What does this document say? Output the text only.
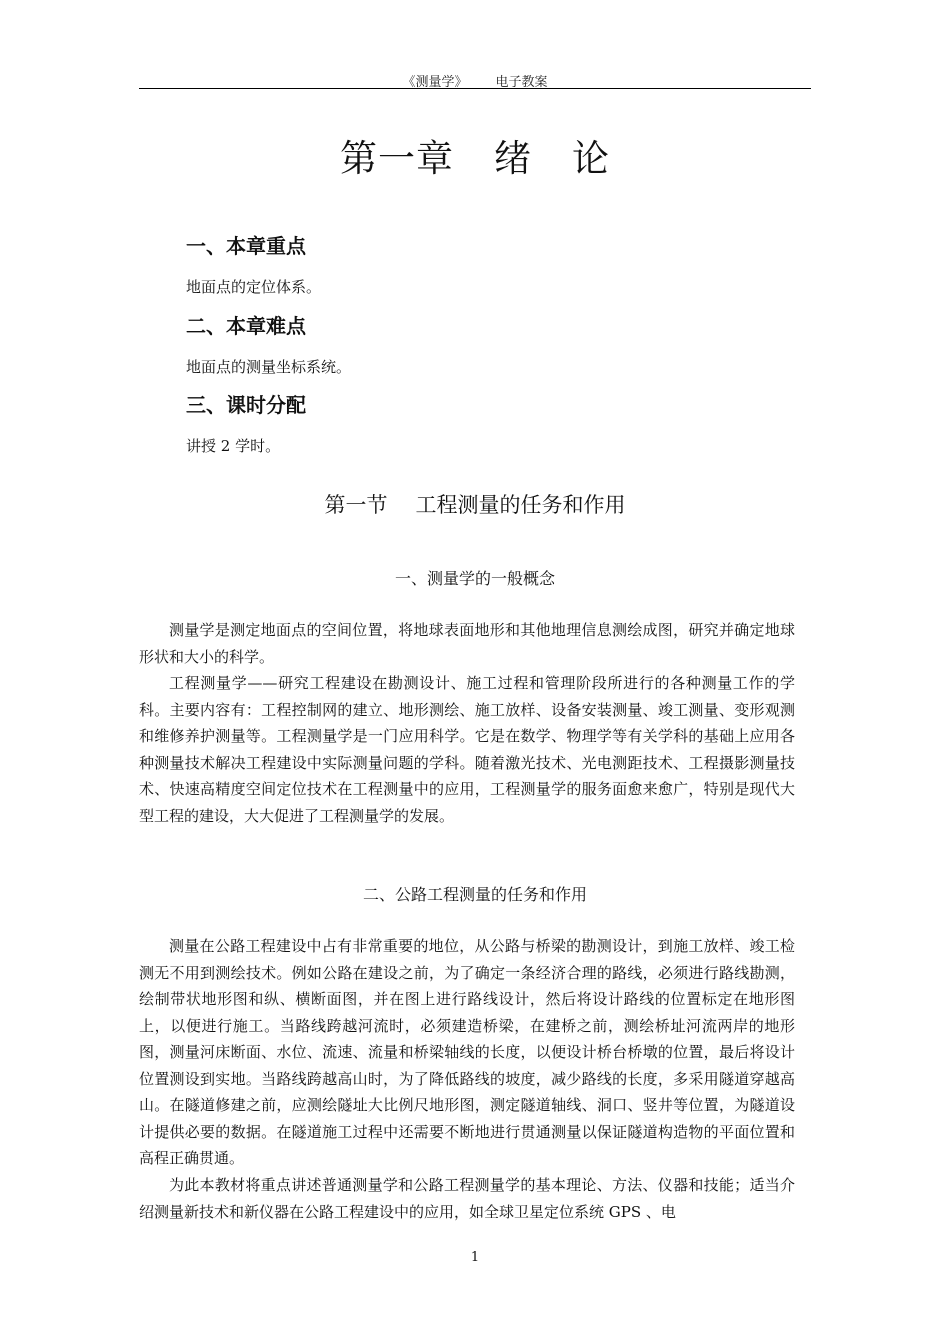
《测量学》 电子教案
第一章 绪 论
一、本章重点
地面点的定位体系。
二、本章难点
地面点的测量坐标系统。
三、课时分配
讲授 2 学时。
第一节 工程测量的任务和作用
一、测量学的一般概念

测量学是测定地面点的空间位置，将地球表面地形和其他地理信息测绘成图，研究并确定地球形状和大小的科学。

工程测量学——研究工程建设在勘测设计、施工过程和管理阶段所进行的各种测量工作的学科。主要内容有：工程控制网的建立、地形测绘、施工放样、设备安装测量、竣工测量、变形观测和维修养护测量等。工程测量学是一门应用科学。它是在数学、物理学等有关学科的基础上应用各种测量技术解决工程建设中实际测量问题的学科。随着激光技术、光电测距技术、工程摄影测量技术、快速高精度空间定位技术在工程测量中的应用，工程测量学的服务面愈来愈广，特别是现代大型工程的建设，大大促进了工程测量学的发展。

二、公路工程测量的任务和作用

测量在公路工程建设中占有非常重要的地位，从公路与桥梁的勘测设计，到施工放样、竣工检测无不用到测绘技术。例如公路在建设之前，为了确定一条经济合理的路线，必须进行路线勘测，绘制带状地形图和纵、横断面图，并在图上进行路线设计，然后将设计路线的位置标定在地形图上，以便进行施工。当路线跨越河流时，必须建造桥梁，在建桥之前，测绘桥址河流两岸的地形图，测量河床断面、水位、流速、流量和桥梁轴线的长度，以便设计桥台桥墩的位置，最后将设计位置测设到实地。当路线跨越高山时，为了降低路线的坡度，减少路线的长度，多采用隧道穿越高山。在隧道修建之前，应测绘隧址大比例尺地形图，测定隧道轴线、洞口、竖井等位置，为隧道设计提供必要的数据。在隧道施工过程中还需要不断地进行贯通测量以保证隧道构造物的平面位置和高程正确贯通。

为此本教材将重点讲述普通测量学和公路工程测量学的基本理论、方法、仪器和技能；适当介绍测量新技术和新仪器在公路工程建设中的应用，如全球卫星定位系统 GPS 、电

1
